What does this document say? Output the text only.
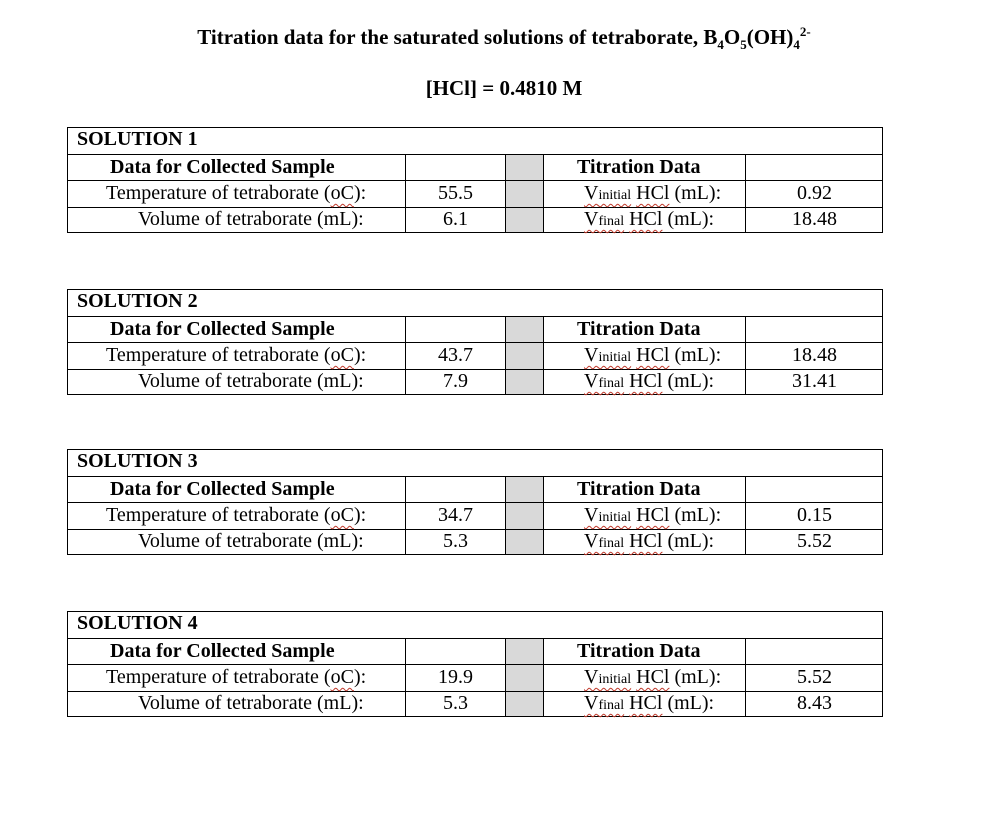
Titration data for the saturated solutions of tetraborate, $B_4O_5(OH)_4^{2-}$
[HCl] = 0.4810 M
SOLUTION 1
Data for Collected Sample
Temperature of tetraborate (oC):
Volume of tetraborate (mL):
55.5
6.1
Titration Data
Vinitial HCl (mL):
Vfinal HCl (mL):
0.92
18.48
SOLUTION 2
Data for Collected Sample
Temperature of tetraborate (oC):
Volume of tetraborate (mL):
43.7
7.9
Titration Data
Vinitial HCl (mL):
Vfinal HCl (mL):
18.48
31.41
SOLUTION 3
Data for Collected Sample
Temperature of tetraborate (oC):
Volume of tetraborate (mL):
34.7
5.3
Titration Data
Vinitial HCl (mL):
Vfinal HCl (mL):
0.15
5.52
SOLUTION 4
Data for Collected Sample
Temperature of tetraborate (oC):
Volume of tetraborate (mL):
19.9
5.3
Titration Data
Vinitial HCl (mL):
Vfinal HCl (mL):
5.52
8.43
